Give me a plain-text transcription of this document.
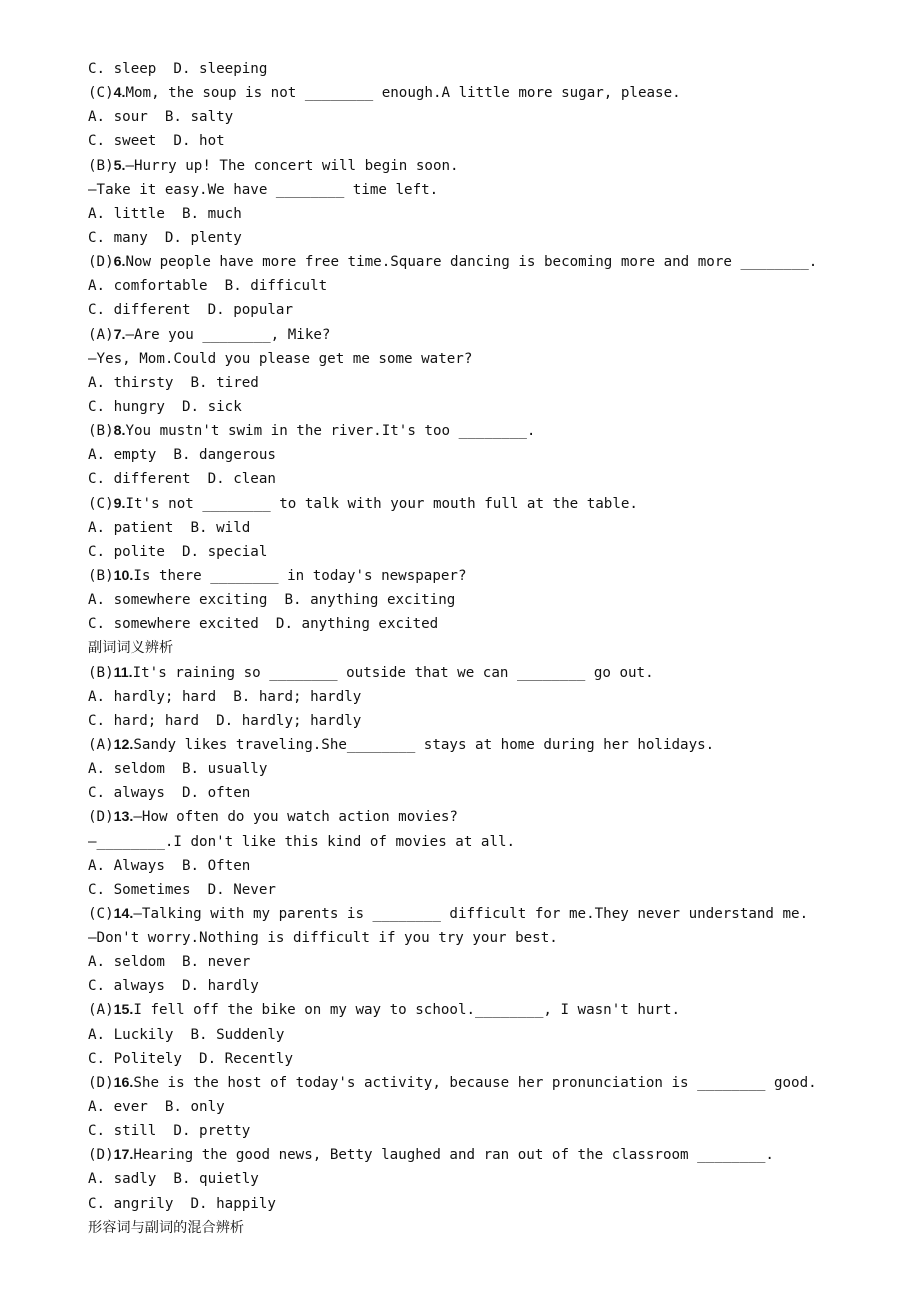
C. sleep  D. sleeping
(C)4.Mom, the soup is not ________ enough.A little more sugar, please.
A. sour  B. salty
C. sweet  D. hot
(B)5.—Hurry up! The concert will begin soon.
—Take it easy.We have ________ time left.
A. little  B. much
C. many  D. plenty
(D)6.Now people have more free time.Square dancing is becoming more and more ________.
A. comfortable  B. difficult
C. different  D. popular
(A)7.—Are you ________, Mike?
—Yes, Mom.Could you please get me some water?
A. thirsty  B. tired
C. hungry  D. sick
(B)8.You mustn't swim in the river.It's too ________.
A. empty  B. dangerous
C. different  D. clean
(C)9.It's not ________ to talk with your mouth full at the table.
A. patient  B. wild
C. polite  D. special
(B)10.Is there ________ in today's newspaper?
A. somewhere exciting  B. anything exciting
C. somewhere excited  D. anything excited
副词词义辨析
(B)11.It's raining so ________ outside that we can ________ go out.
A. hardly; hard  B. hard; hardly
C. hard; hard  D. hardly; hardly
(A)12.Sandy likes traveling.She________ stays at home during her holidays.
A. seldom  B. usually
C. always  D. often
(D)13.—How often do you watch action movies?
—________.I don't like this kind of movies at all.
A. Always  B. Often
C. Sometimes  D. Never
(C)14.—Talking with my parents is ________ difficult for me.They never understand me.
—Don't worry.Nothing is difficult if you try your best.
A. seldom  B. never
C. always  D. hardly
(A)15.I fell off the bike on my way to school.________, I wasn't hurt.
A. Luckily  B. Suddenly
C. Politely  D. Recently
(D)16.She is the host of today's activity, because her pronunciation is ________ good.
A. ever  B. only
C. still  D. pretty
(D)17.Hearing the good news, Betty laughed and ran out of the classroom ________.
A. sadly  B. quietly
C. angrily  D. happily
形容词与副词的混合辨析
